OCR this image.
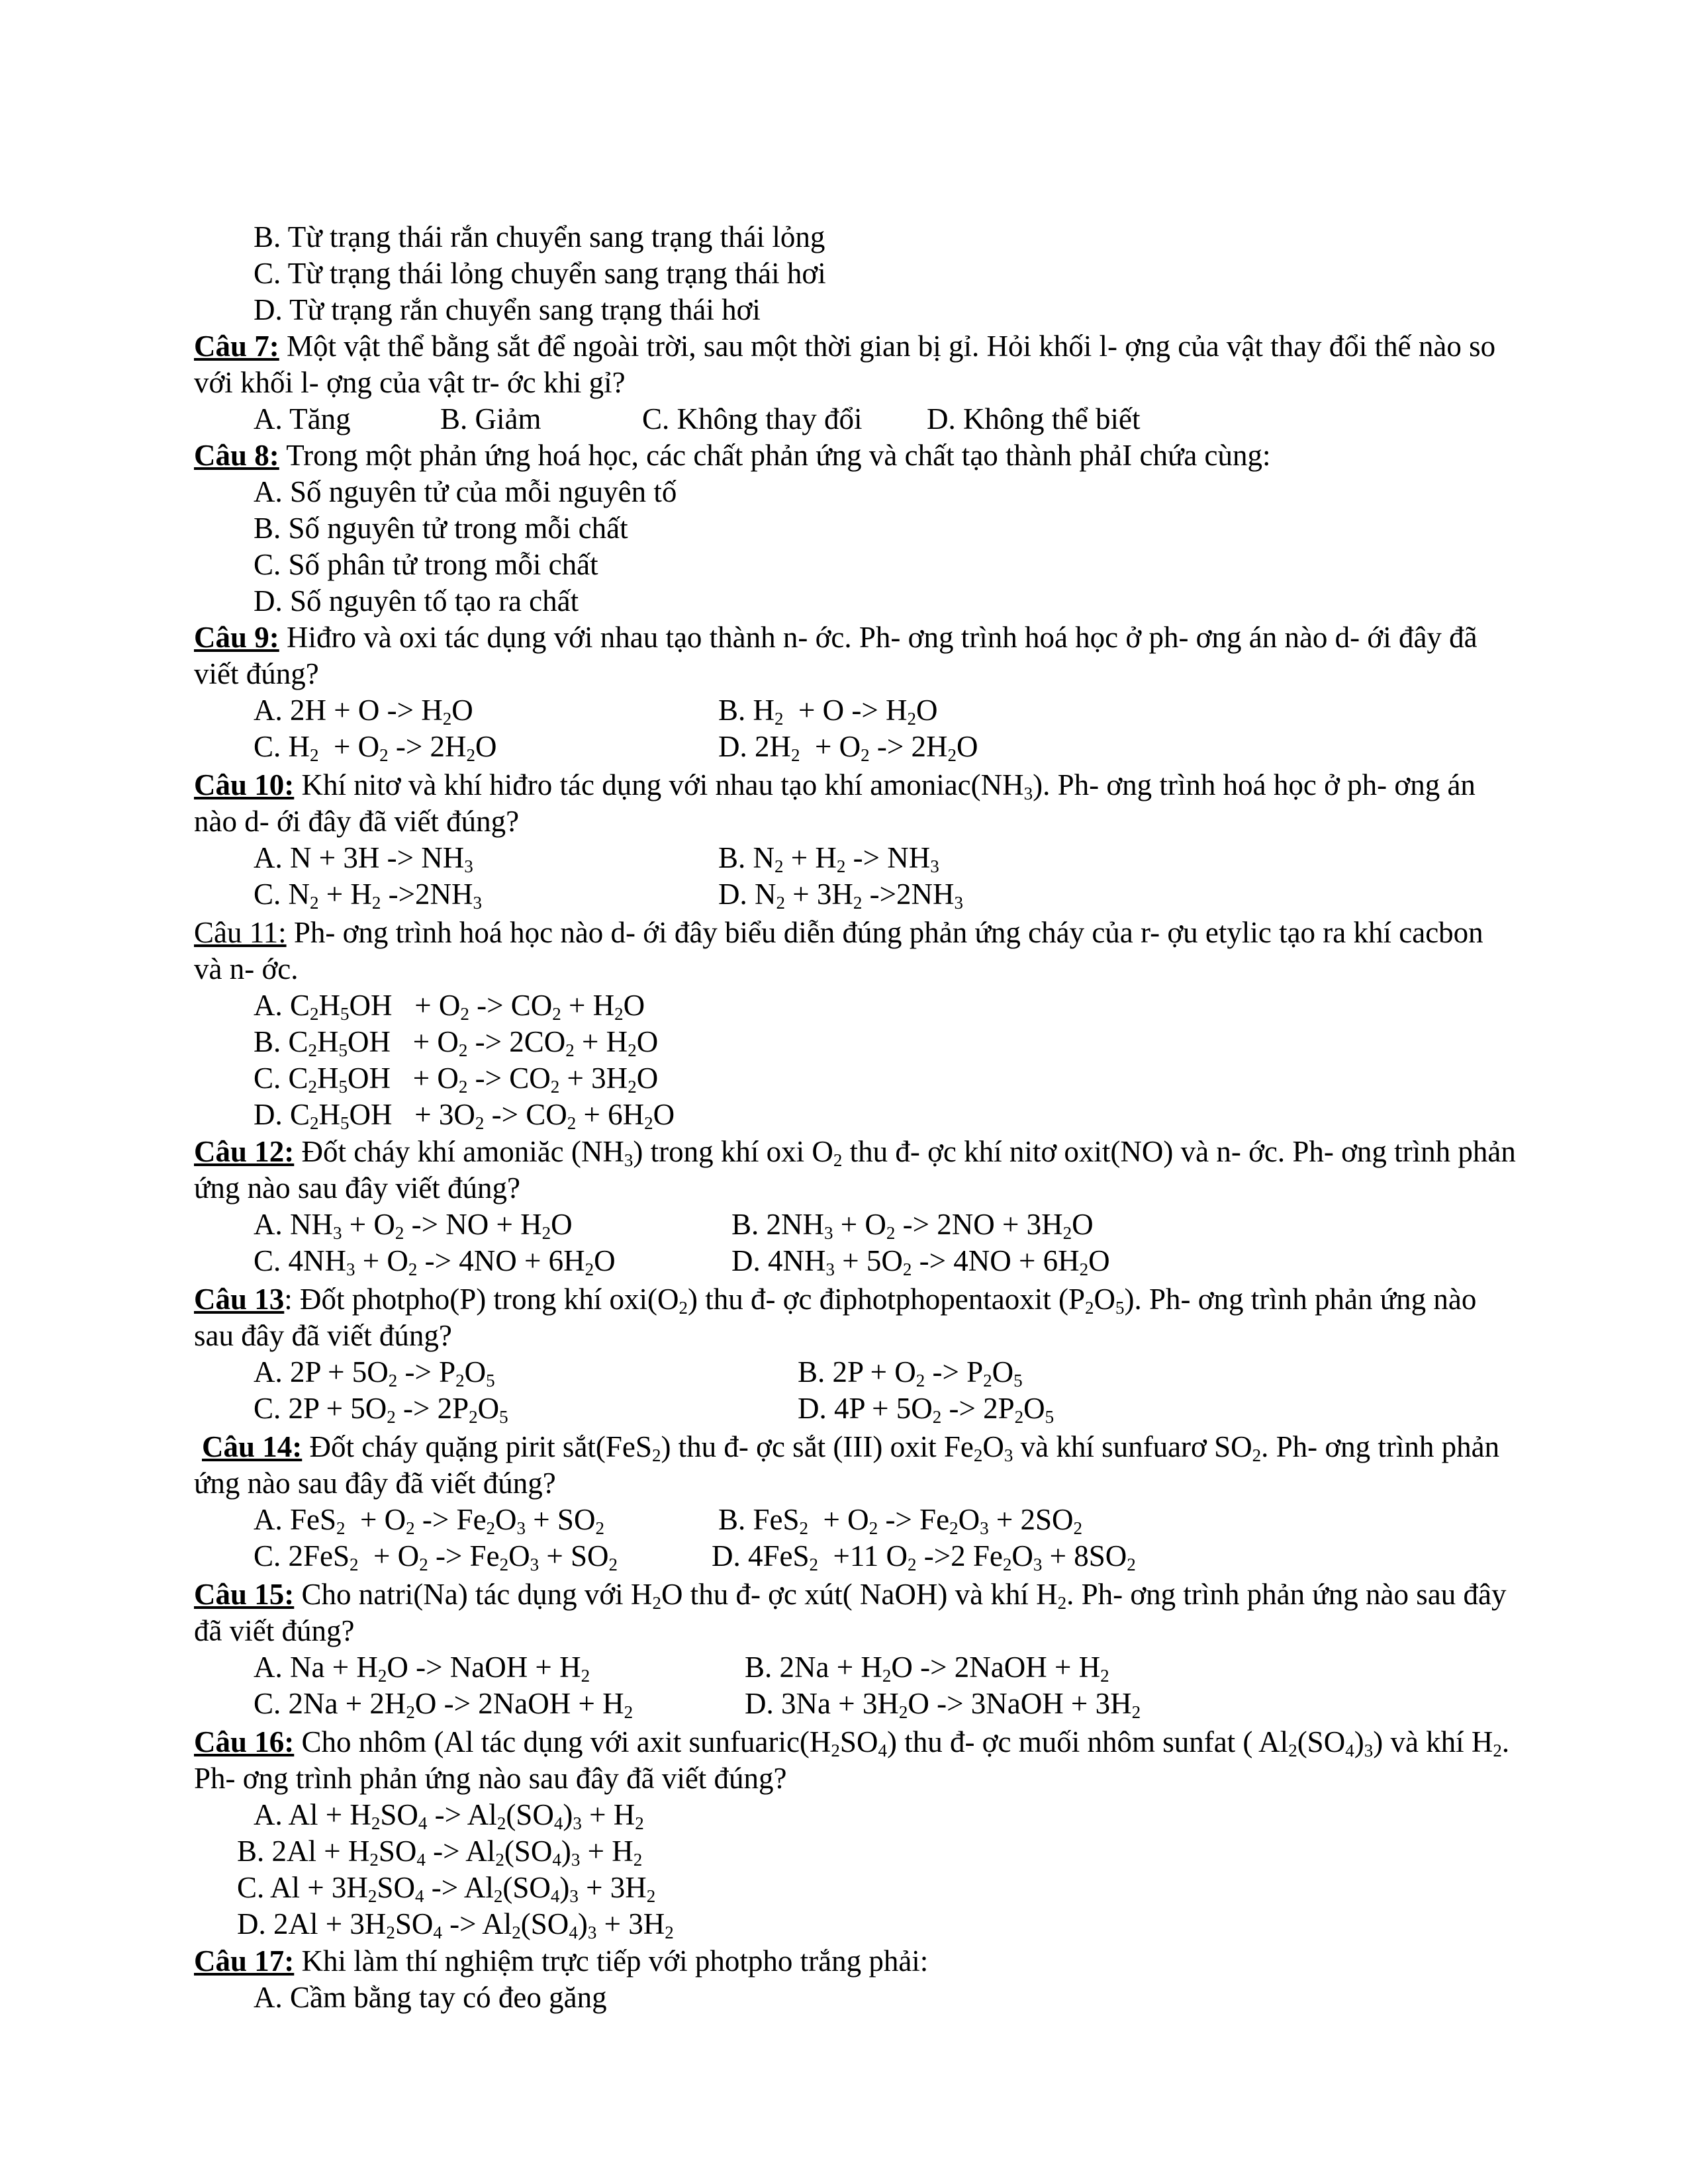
B. Từ trạng thái rắn chuyển sang trạng thái lỏng
C. Từ trạng thái lỏng chuyển sang trạng thái hơi
D. Từ trạng rắn chuyển sang trạng thái hơi
Câu 7: Một vật thể bằng sắt để ngoài trời, sau một thời gian bị gỉ. Hỏi khối l- ợng của vật thay đổi thế nào so
với khối l- ợng của vật tr- ớc khi gỉ?
A. Tăng	B. Giảm	C. Không thay đổi D. Không thể biết
Câu 8: Trong một phản ứng hoá học, các chất phản ứng và chất tạo thành phảI chứa cùng:
A. Số nguyên tử của mỗi nguyên tố
B. Số nguyên tử trong mỗi chất
C. Số phân tử trong mỗi chất
D. Số nguyên tố tạo ra chất
Câu 9: Hiđro và oxi tác dụng với nhau tạo thành n- ớc. Ph- ơng trình hoá học ở ph- ơng án nào d- ới đây đã
viết đúng?
A. $2H + O -> H_2O$	B. $H_2 + O -> H_2O$
C. $H_2 + O_2 -> 2H_2O$	D. $2H_2 + O_2 -> 2H_2O$
Câu 10: Khí nitơ và khí hiđro tác dụng với nhau tạo khí $amoniac(NH_3)$. Ph- ơng trình hoá học ở ph- ơng án
nào d- ới đây đã viết đúng?
A. $N + 3H -> NH_3$	B. $N_2 + H_2 -> NH_3$
C. $N_2 + H_2$ $->2NH_3$	D. $N_2 + 3H_2$ $->2NH_3$
Câu 11: Ph- ơng trình hoá học nào d- ới đây biểu diễn đúng phản ứng cháy của r- ợu etylic tạo ra khí cacbon
và n- ớc.
A. $C_2H_5OH + O_2 -> CO_2 + H_2O$
B. $C_2H_5OH + O_2 -> 2CO_2 + H_2O$
C. $C_2H_5OH + O_2 -> CO_2 + 3H_2O$
D. $C_2H_5OH + 3O_2 -> CO_2 + 6H_2O$
Câu 12: Đốt cháy khí amoniăc $(NH_3)$ trong khí oxi $O_2$ thu đ- ợc khí nitơ oxit(NO) và n- ớc. Ph- ơng trình phản
ứng nào sau đây viết đúng?
A. $NH_3 + O_2$ -> NO + $H_2O$	B. $2NH_3 + O_2 -> 2NO + 3H_2O$
C. $4NH_3 + O_2 -> 4NO + 6H_2O$	D. $4NH_3 + 5O_2 -> 4NO + 6H_2O$
Câu 13: Đốt photpho(P) trong khí $oxi(O_2)$ thu đ- ợc điphotphopentaoxit $(P_2O_5)$. Ph- ơng trình phản ứng nào
sau đây đã viết đúng?
A. $2P + 5O_2 -> P_2O_5$	B. $2P + O_2 -> P_2O_5$
C. $2P + 5O_2 -> 2P_2O_5$	D. $4P + 5O_2 -> 2P_2O_5$
Câu 14: Đốt cháy quặng pirit sắt(FeS$_2$) thu đ- ợc sắt (III) oxit $Fe_2O_3$ và khí sunfuarơ $SO_2$. Ph- ơng trình phản
ứng nào sau đây đã viết đúng?
A. $FeS_2 + O_2 -> Fe_2O_3 + SO_2$	B. $FeS_2 + O_2 -> Fe_2O_3 + 2SO_2$
C. $2FeS_2 + O_2 -> Fe_2O_3 + SO_2$	D. 4FeS$_2$  +11 $O_2$ ->2 $Fe_2O_3 + 8SO_2$
Câu 15: Cho natri(Na) tác dụng với $H_2O$ thu đ- ợc xút( NaOH) và khí $H_2$. Ph- ơng trình phản ứng nào sau đây
đã viết đúng?
A. $Na + H_2O$ -> NaOH + $H_2$	B. $2Na + H_2O$ -> 2NaOH + $H_2$
C. $2Na + 2H_2O$ -> 2NaOH + $H_2$	D. $3Na + 3H_2O$ -> 3NaOH + $3H_2$
Câu 16: Cho nhôm (Al tác dụng với axit $sunfuaric(H_2SO_4)$ thu đ- ợc muối nhôm sunfat ( $Al_2(SO_4)_3$) và khí $H_2$.
Ph- ơng trình phản ứng nào sau đây đã viết đúng?
A. $Al + H_2SO_4 -> Al_2(SO_4)_3 + H_2$
B. $2Al + H_2SO_4 -> Al_2(SO_4)_3 + H_2$
C. $Al + 3H_2SO_4 -> Al_2(SO_4)_3 + 3H_2$
D. $2Al + 3H_2SO_4 -> Al_2(SO_4)_3 + 3H_2$
Câu 17: Khi làm thí nghiệm trực tiếp với photpho trắng phải:
A. Cầm bằng tay có đeo găng
